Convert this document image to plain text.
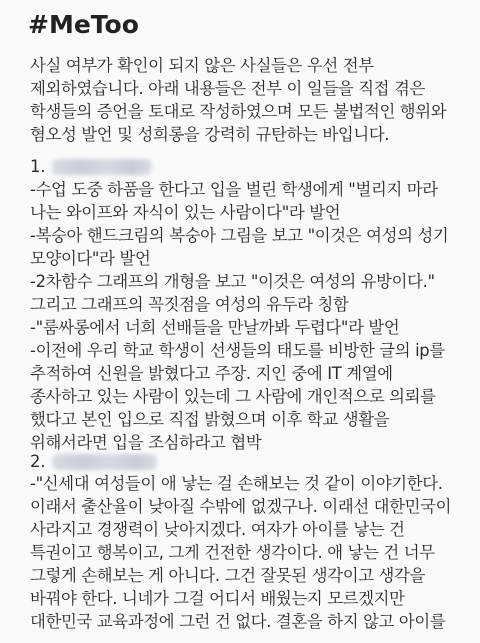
#MeToo
사실 여부가 확인이 되지 않은 사실들은 우선 전부
제외하였습니다. 아래 내용들은 전부 이 일들을 직접 겪은
학생들의 증언을 토대로 작성하였으며 모든 불법적인 행위와
혐오성 발언 및 성희롱을 강력히 규탄하는 바입니다.
1.
-수업 도중 하품을 한다고 입을 벌린 학생에게 "벌리지 마라
나는 와이프와 자식이 있는 사람이다"라 발언
-복숭아 핸드크림의 복숭아 그림을 보고 "이것은 여성의 성기
모양이다"라 발언
-2차함수 그래프의 개형을 보고 "이것은 여성의 유방이다."
그리고 그래프의 꼭짓점을 여성의 유두라 칭함
-"룸싸롱에서 너희 선배들을 만날까봐 두렵다"라 발언
-이전에 우리 학교 학생이 선생들의 태도를 비방한 글의 ip를
추적하여 신원을 밝혔다고 주장. 지인 중에 IT 계열에
종사하고 있는 사람이 있는데 그 사람에 개인적으로 의뢰를
했다고 본인 입으로 직접 밝혔으며 이후 학교 생활을
위해서라면 입을 조심하라고 협박
2.
-"신세대 여성들이 애 낳는 걸 손해보는 것 같이 이야기한다.
이래서 출산율이 낮아질 수밖에 없겠구나. 이래선 대한민국이
사라지고 경쟁력이 낮아지겠다. 여자가 아이를 낳는 건
특권이고 행복이고, 그게 건전한 생각이다. 애 낳는 건 너무
그렇게 손해보는 게 아니다. 그건 잘못된 생각이고 생각을
바꿔야 한다. 니네가 그걸 어디서 배웠는지 모르겠지만
대한민국 교육과정에 그런 건 없다. 결혼을 하지 않고 아이를
